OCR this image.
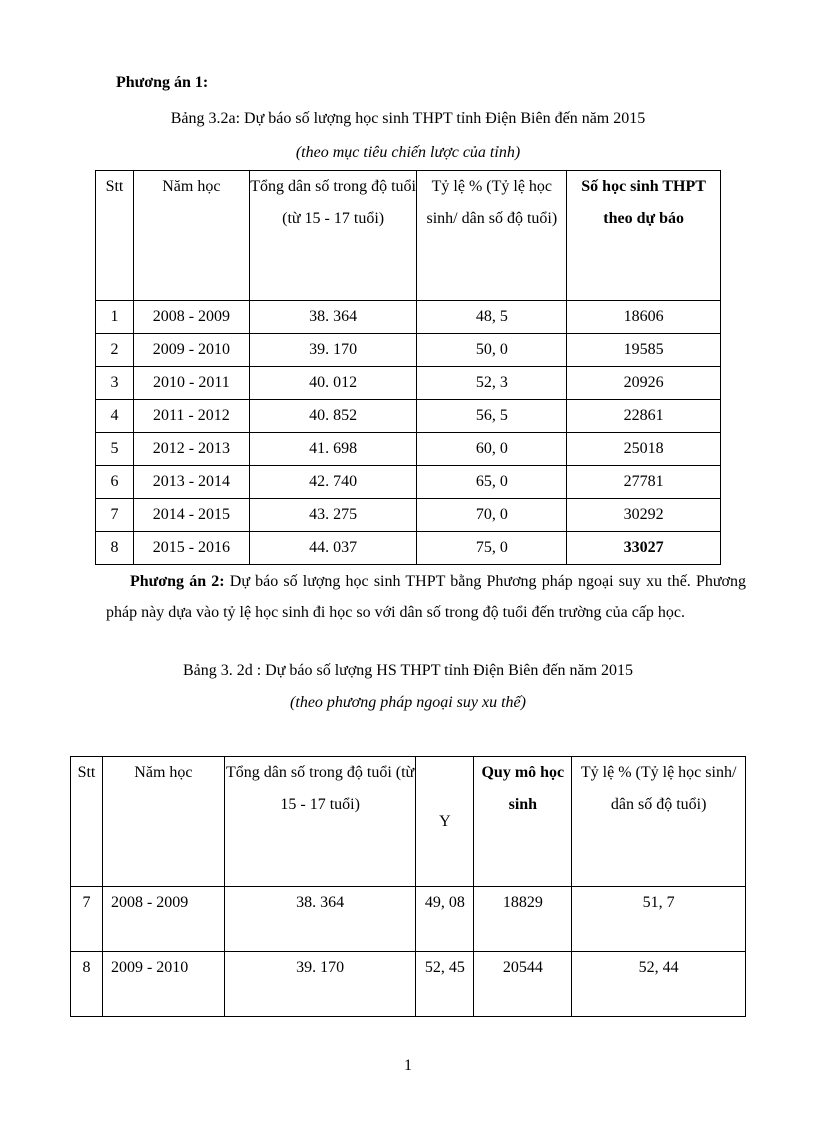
Phương án 1:
Bảng 3.2a: Dự báo số lượng học sinh THPT tỉnh Điện Biên đến năm 2015
(theo mục tiêu chiến lược của tỉnh)
Stt	Năm học	Tổng dân số trong độ tuổi (từ 15 - 17 tuổi)	Tỷ lệ % (Tỷ lệ học sinh/ dân số độ tuổi)	Số học sinh THPT theo dự báo
1	2008 - 2009	38. 364	48, 5	18606
2	2009 - 2010	39. 170	50, 0	19585
3	2010 - 2011	40. 012	52, 3	20926
4	2011 - 2012	40. 852	56, 5	22861
5	2012 - 2013	41. 698	60, 0	25018
6	2013 - 2014	42. 740	65, 0	27781
7	2014 - 2015	43. 275	70, 0	30292
8	2015 - 2016	44. 037	75, 0	33027
Phương án 2: Dự báo số lượng học sinh THPT bằng Phương pháp ngoại suy xu thế. Phương pháp này dựa vào tỷ lệ học sinh đi học so với dân số trong độ tuổi đến trường của cấp học.
Bảng 3. 2d : Dự báo số lượng HS THPT tỉnh Điện Biên đến năm 2015
(theo phương pháp ngoại suy xu thế)
Stt	Năm học	Tổng dân số trong độ tuổi (từ 15 - 17 tuổi)	Y	Quy mô học sinh	Tỷ lệ % (Tỷ lệ học sinh/ dân số độ tuổi)
7	2008 - 2009	38. 364	49, 08	18829	51, 7
8	2009 - 2010	39. 170	52, 45	20544	52, 44
1
